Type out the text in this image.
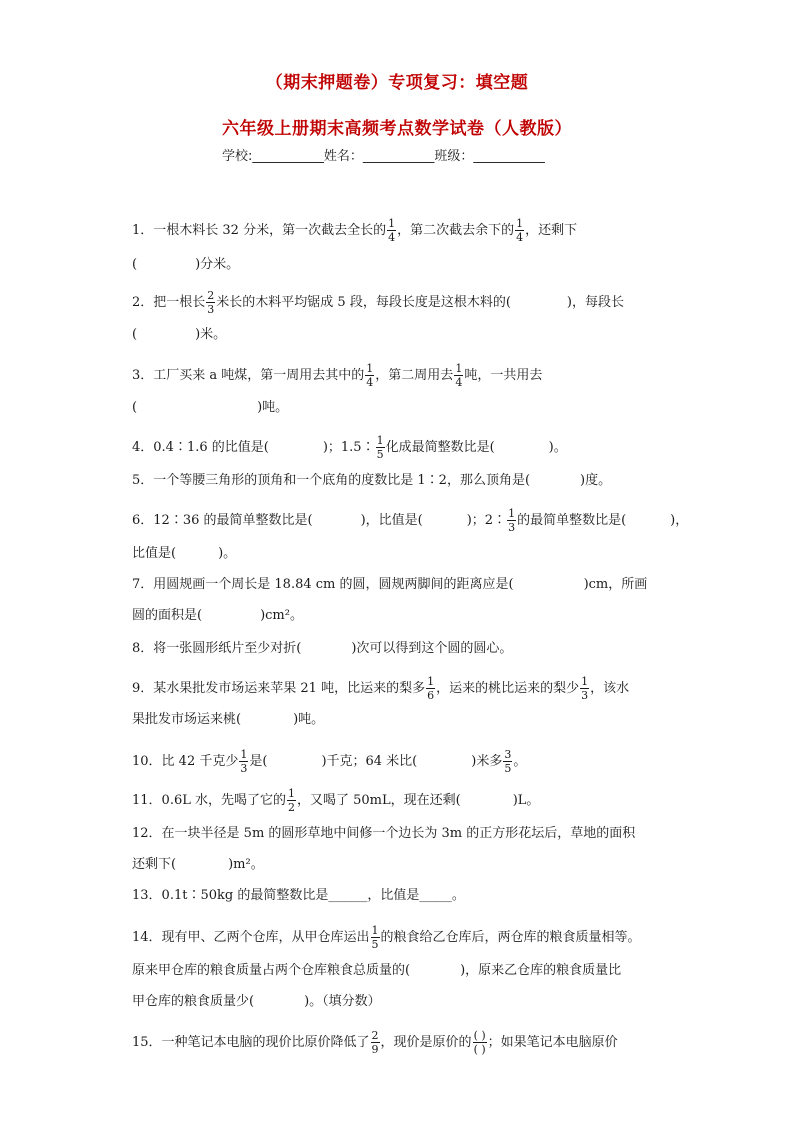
（期末押题卷）专项复习：填空题
六年级上册期末高频考点数学试卷（人教版）
学校:___________姓名：___________班级：___________
1．一根木料长 32 分米，第一次截去全长的 $\frac{1}{4}$ ，第二次截去余下的 $\frac{1}{4}$ ，还剩下
(	)分米。
2．把一根长 $\frac{2}{3}$ 米长的木料平均锯成 5 段，每段长度是这根木料的(	)，每段长
(	)米。
3．工厂买来 a 吨煤，第一周用去其中的 $\frac{1}{4}$ ，第二周用去 $\frac{1}{4}$ 吨，一共用去
(	)吨。
4．0.4∶1.6 的比值是(	)；1.5∶ $\frac{1}{5}$ 化成最简整数比是(	)。
5．一个等腰三角形的顶角和一个底角的度数比是 1∶2，那么顶角是(	)度。
6．12∶36 的最简单整数比是(	)，比值是(	)；2∶ $\frac{1}{3}$ 的最简单整数比是(	)，
比值是(	)。
7．用圆规画一个周长是 18.84 cm 的圆，圆规两脚间的距离应是(	)cm，所画
圆的面积是(	)cm²。
8．将一张圆形纸片至少对折(	)次可以得到这个圆的圆心。
9．某水果批发市场运来苹果 21 吨，比运来的梨多 $\frac{1}{6}$ ，运来的桃比运来的梨少 $\frac{1}{3}$ ，该水
果批发市场运来桃(	)吨。
10．比 42 千克少 $\frac{1}{3}$ 是(	)千克；64 米比(	)米多 $\frac{3}{5}$ 。
11．0.6L 水，先喝了它的 $\frac{1}{2}$ ，又喝了 50mL，现在还剩(	)L。
12．在一块半径是 5m 的圆形草地中间修一个边长为 3m 的正方形花坛后，草地的面积
还剩下(	)m²。
13．0.1t∶50kg 的最简整数比是______，比值是_____。
14．现有甲、乙两个仓库，从甲仓库运出 $\frac{1}{5}$ 的粮食给乙仓库后，两仓库的粮食质量相等。
原来甲仓库的粮食质量占两个仓库粮食总质量的(	)，原来乙仓库的粮食质量比
甲仓库的粮食质量少(	)。（填分数）
15．一种笔记本电脑的现价比原价降低了 $\frac{2}{9}$ ，现价是原价的 $\frac{( )}{( )}$ ；如果笔记本电脑原价
